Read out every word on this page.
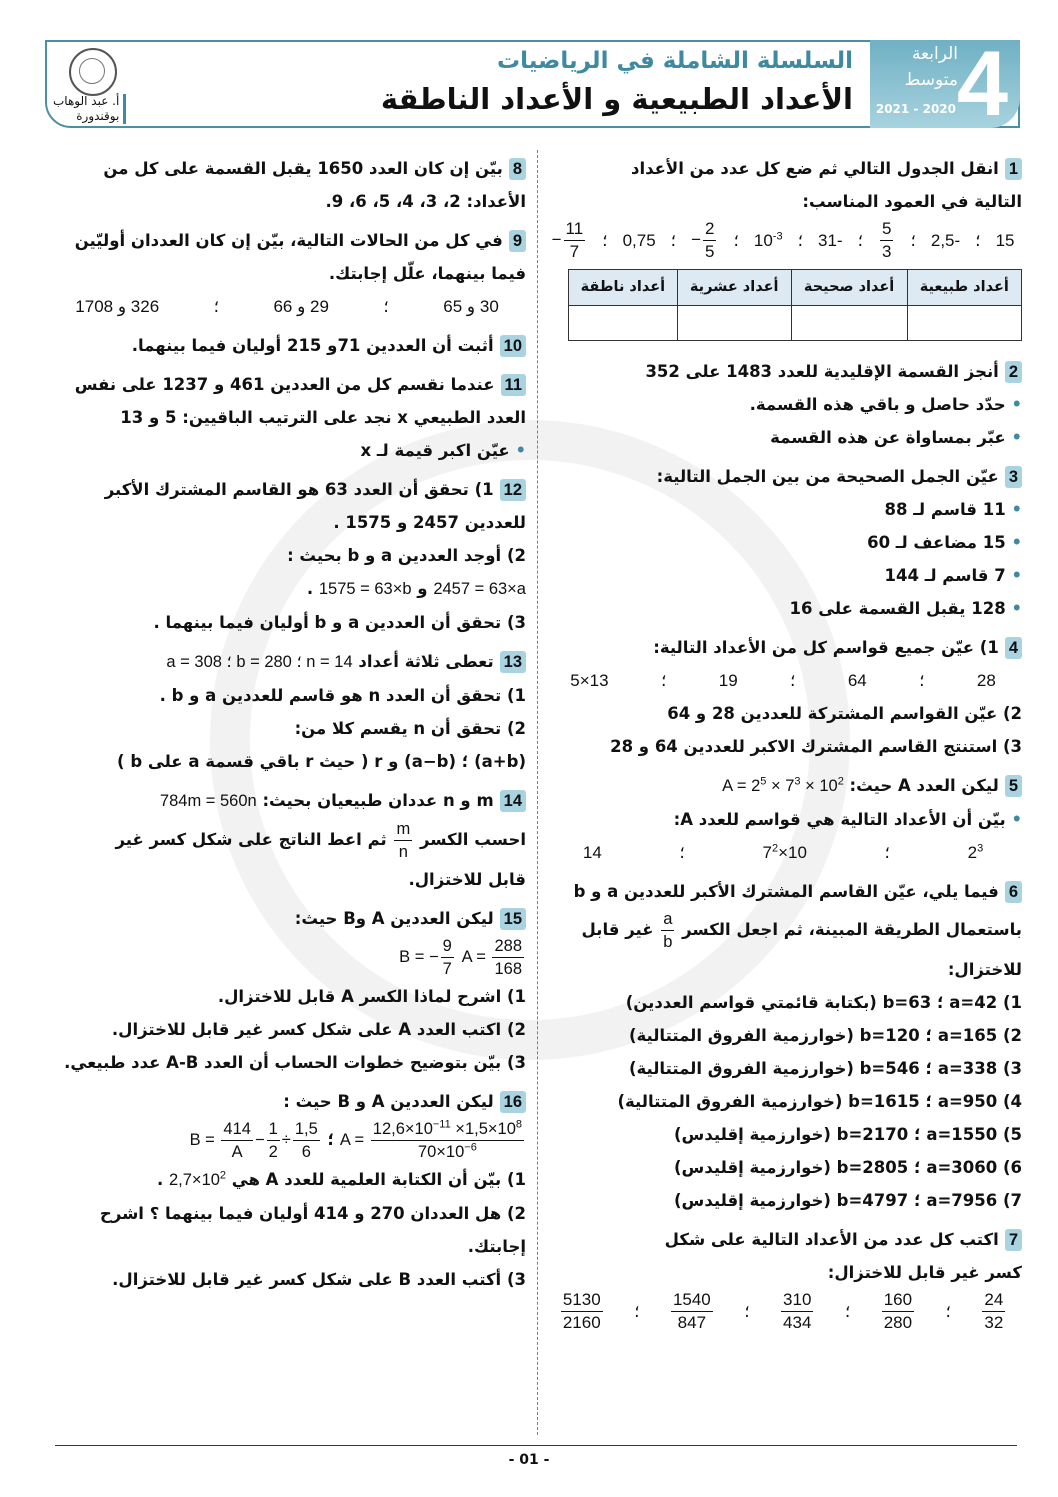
4
الرابعة
متوسط
2021 - 2020
السلسلة الشاملة في الرياضيات
الأعداد الطبيعية و الأعداد الناطقة
أ. عبد الوهاب
بوقندورة
1انقل الجدول التالي ثم ضع كل عدد من الأعداد
التالية في العمود المناسب:
15
؛
-2,5
؛
$\frac{5}{3}$
؛
-31
؛
$10^{-3}$
؛
− $\frac{2}{5}$
؛
0,75
؛
− $\frac{11}{7}$
أعداد طبيعية	أعداد صحيحة	أعداد عشرية	أعداد ناطقة

2أنجز القسمة الإقليدية للعدد 1483 على 352
• حدّد حاصل و باقي هذه القسمة.
• عبّر بمساواة عن هذه القسمة
3عيّن الجمل الصحيحة من بين الجمل التالية:
• 11 قاسم لـ 88
• 15 مضاعف لـ 60
• 7 قاسم لـ 144
• 128 يقبل القسمة على 16
41) عيّن جميع قواسم كل من الأعداد التالية:
28
؛
64
؛
19
؛
13×5
2) عيّن القواسم المشتركة للعددين 28 و 64
3) استنتج القاسم المشترك الاكبر للعددين 64 و 28
5ليكن العدد A حيث: $A = 2^5 \times 7^3 \times 10^2$
• بيّن أن الأعداد التالية هي قواسم للعدد A:
$2^3$
؛
$7^2\times 10$
؛
14
6فيما يلي، عيّن القاسم المشترك الأكبر للعددين a و b
باستعمال الطريقة المبينة، ثم اجعل الكسر
$\frac{a}{b}$
غير قابل
للاختزال:
1) a=42 ؛ b=63 (بكتابة قائمتي قواسم العددين)
2) a=165 ؛ b=120 (خوارزمية الفروق المتتالية)
3) a=338 ؛ b=546 (خوارزمية الفروق المتتالية)
4) a=950 ؛ b=1615 (خوارزمية الفروق المتتالية)
5) a=1550 ؛ b=2170 (خوارزمية إقليدس)
6) a=3060 ؛ b=2805 (خوارزمية إقليدس)
7) a=7956 ؛ b=4797 (خوارزمية إقليدس)
7اكتب كل عدد من الأعداد التالية على شكل
كسر غير قابل للاختزال:
$\frac{24}{32}$
؛
$\frac{160}{280}$
؛
$\frac{310}{434}$
؛
$\frac{1540}{847}$
؛
$\frac{5130}{2160}$
8بيّن إن كان العدد 1650 يقبل القسمة على كل من
الأعداد: 2، 3، 4، 5، 6، 9.
9في كل من الحالات التالية، بيّن إن كان العددان أوليّين
فيما بينهما، علّل إجابتك.
30 و 65
؛
29 و 66
؛
326 و 1708
10أثبت أن العددين 71و 215 أوليان فيما بينهما.
11عندما نقسم كل من العددين 461 و 1237 على نفس
العدد الطبيعي x نجد على الترتيب الباقيين: 5 و 13
• عيّن اكبر قيمة لـ x
121) تحقق أن العدد 63 هو القاسم المشترك الأكبر
للعددين 2457 و 1575 .
2) أوجد العددين a و b بحيث :
2457 = 63×a و 1575 = 63×b .
3) تحقق أن العددين a و b أوليان فيما بينهما .
13تعطى ثلاثة أعداد a = 308 ؛ b = 280 ؛ n = 14
1) تحقق أن العدد n هو قاسم للعددين a و b .
2) تحقق أن n يقسم كلا من:
(a+b) ؛ (a−b) و r ( حيث r باقي قسمة a على b )
14m و n عددان طبيعيان بحيث: 784m = 560n
احسب الكسر
$\frac{m}{n}$
ثم اعط الناتج على شكل كسر غير
قابل للاختزال.
15ليكن العددين A وB حيث:
$A = \frac{288}{168}$
B = − $\frac{9}{7}$
1) اشرح لماذا الكسر A قابل للاختزال.
2) اكتب العدد A على شكل كسر غير قابل للاختزال.
3) بيّن بتوضيح خطوات الحساب أن العدد A-B عدد طبيعي.
16ليكن العددين A و B حيث :
$A = \frac{12,6\times 10^{-11} \times 1,5\times 10^8}{70\times 10^{-6}}$
؛ $B = \frac{414}{A} - \frac{1}{2} \div \frac{1,5}{6}$
1) بيّن أن الكتابة العلمية للعدد A هي $2,7\times 10^2$ .
2) هل العددان 270 و 414 أوليان فيما بينهما ؟ اشرح
إجابتك.
3) أكتب العدد B على شكل كسر غير قابل للاختزال.
- 01 -
